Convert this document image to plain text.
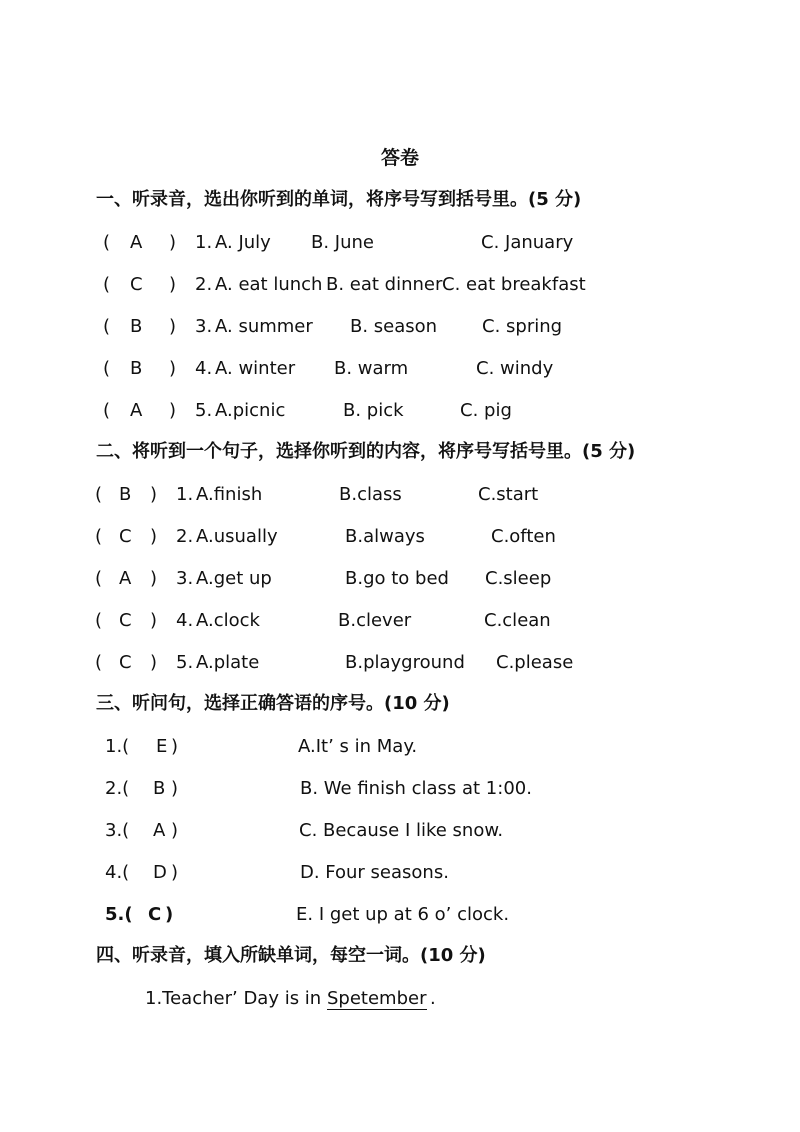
答卷
一、听录音，选出你听到的单词，将序号写到括号里。(5 分)
( A ) 1. A. July B. June	C. January
( C ) 2. A. eat lunch B. eat dinner C. eat breakfast
( B ) 3. A. summer B. season C. spring
( B ) 4. A. winter B. warm	C. windy
( A ) 5. A.picnic	B. pick	C. pig
二、将听到一个句子，选择你听到的内容，将序号写括号里。(5 分)
( B ) 1. A.finish	B.class	C.start
( C ) 2. A.usually	B.always	C.often
( A ) 3. A.get up	B.go to bed C.sleep
( C ) 4. A.clock	B.clever	C.clean
( C ) 5. A.plate	B.playground C.please
三、听问句，选择正确答语的序号。(10 分)
1.( E )	A.It’ s in May.
2.( B )	B. We finish class at 1:00.
3.( A )	C. Because I like snow.
4.( D )	D. Four seasons.
5.( C )	E. I get up at 6 o’ clock.
四、听录音，填入所缺单词，每空一词。(10 分)
1.Teacher’ Day is in Spetember .
